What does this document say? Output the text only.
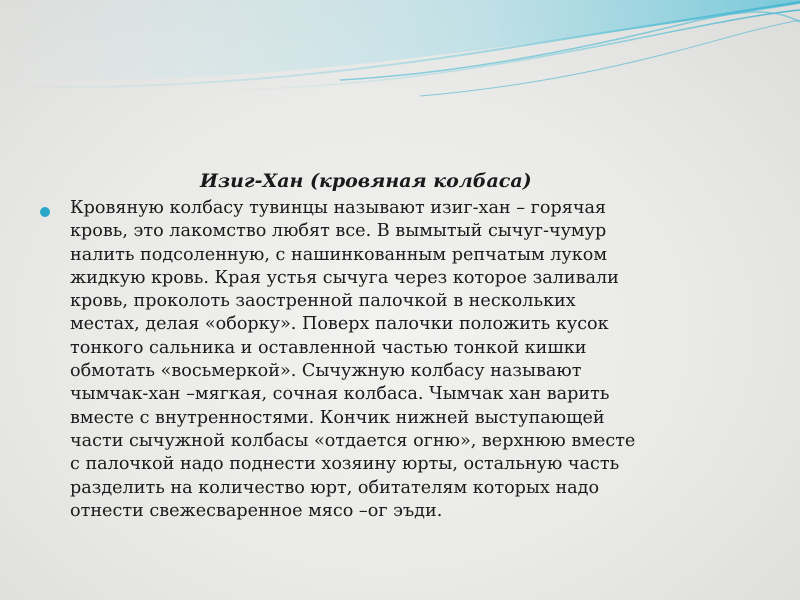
Изиг-Хан (кровяная колбаса)
Кровяную колбасу тувинцы называют изиг-хан – горячая
кровь, это лакомство любят все. В вымытый сычуг-чумур
налить подсоленную, с нашинкованным репчатым луком
жидкую кровь. Края устья сычуга через которое заливали
кровь, проколоть заостренной палочкой в нескольких
местах, делая «оборку». Поверх палочки положить кусок
тонкого сальника и оставленной частью тонкой кишки
обмотать «восьмеркой». Сычужную колбасу называют
чымчак-хан –мягкая, сочная колбаса. Чымчак хан варить
вместе с внутренностями. Кончик нижней выступающей
части сычужной колбасы «отдается огню», верхнюю вместе
с палочкой надо поднести хозяину юрты, остальную часть
разделить на количество юрт, обитателям которых надо
отнести свежесваренное мясо –ог эъди.
